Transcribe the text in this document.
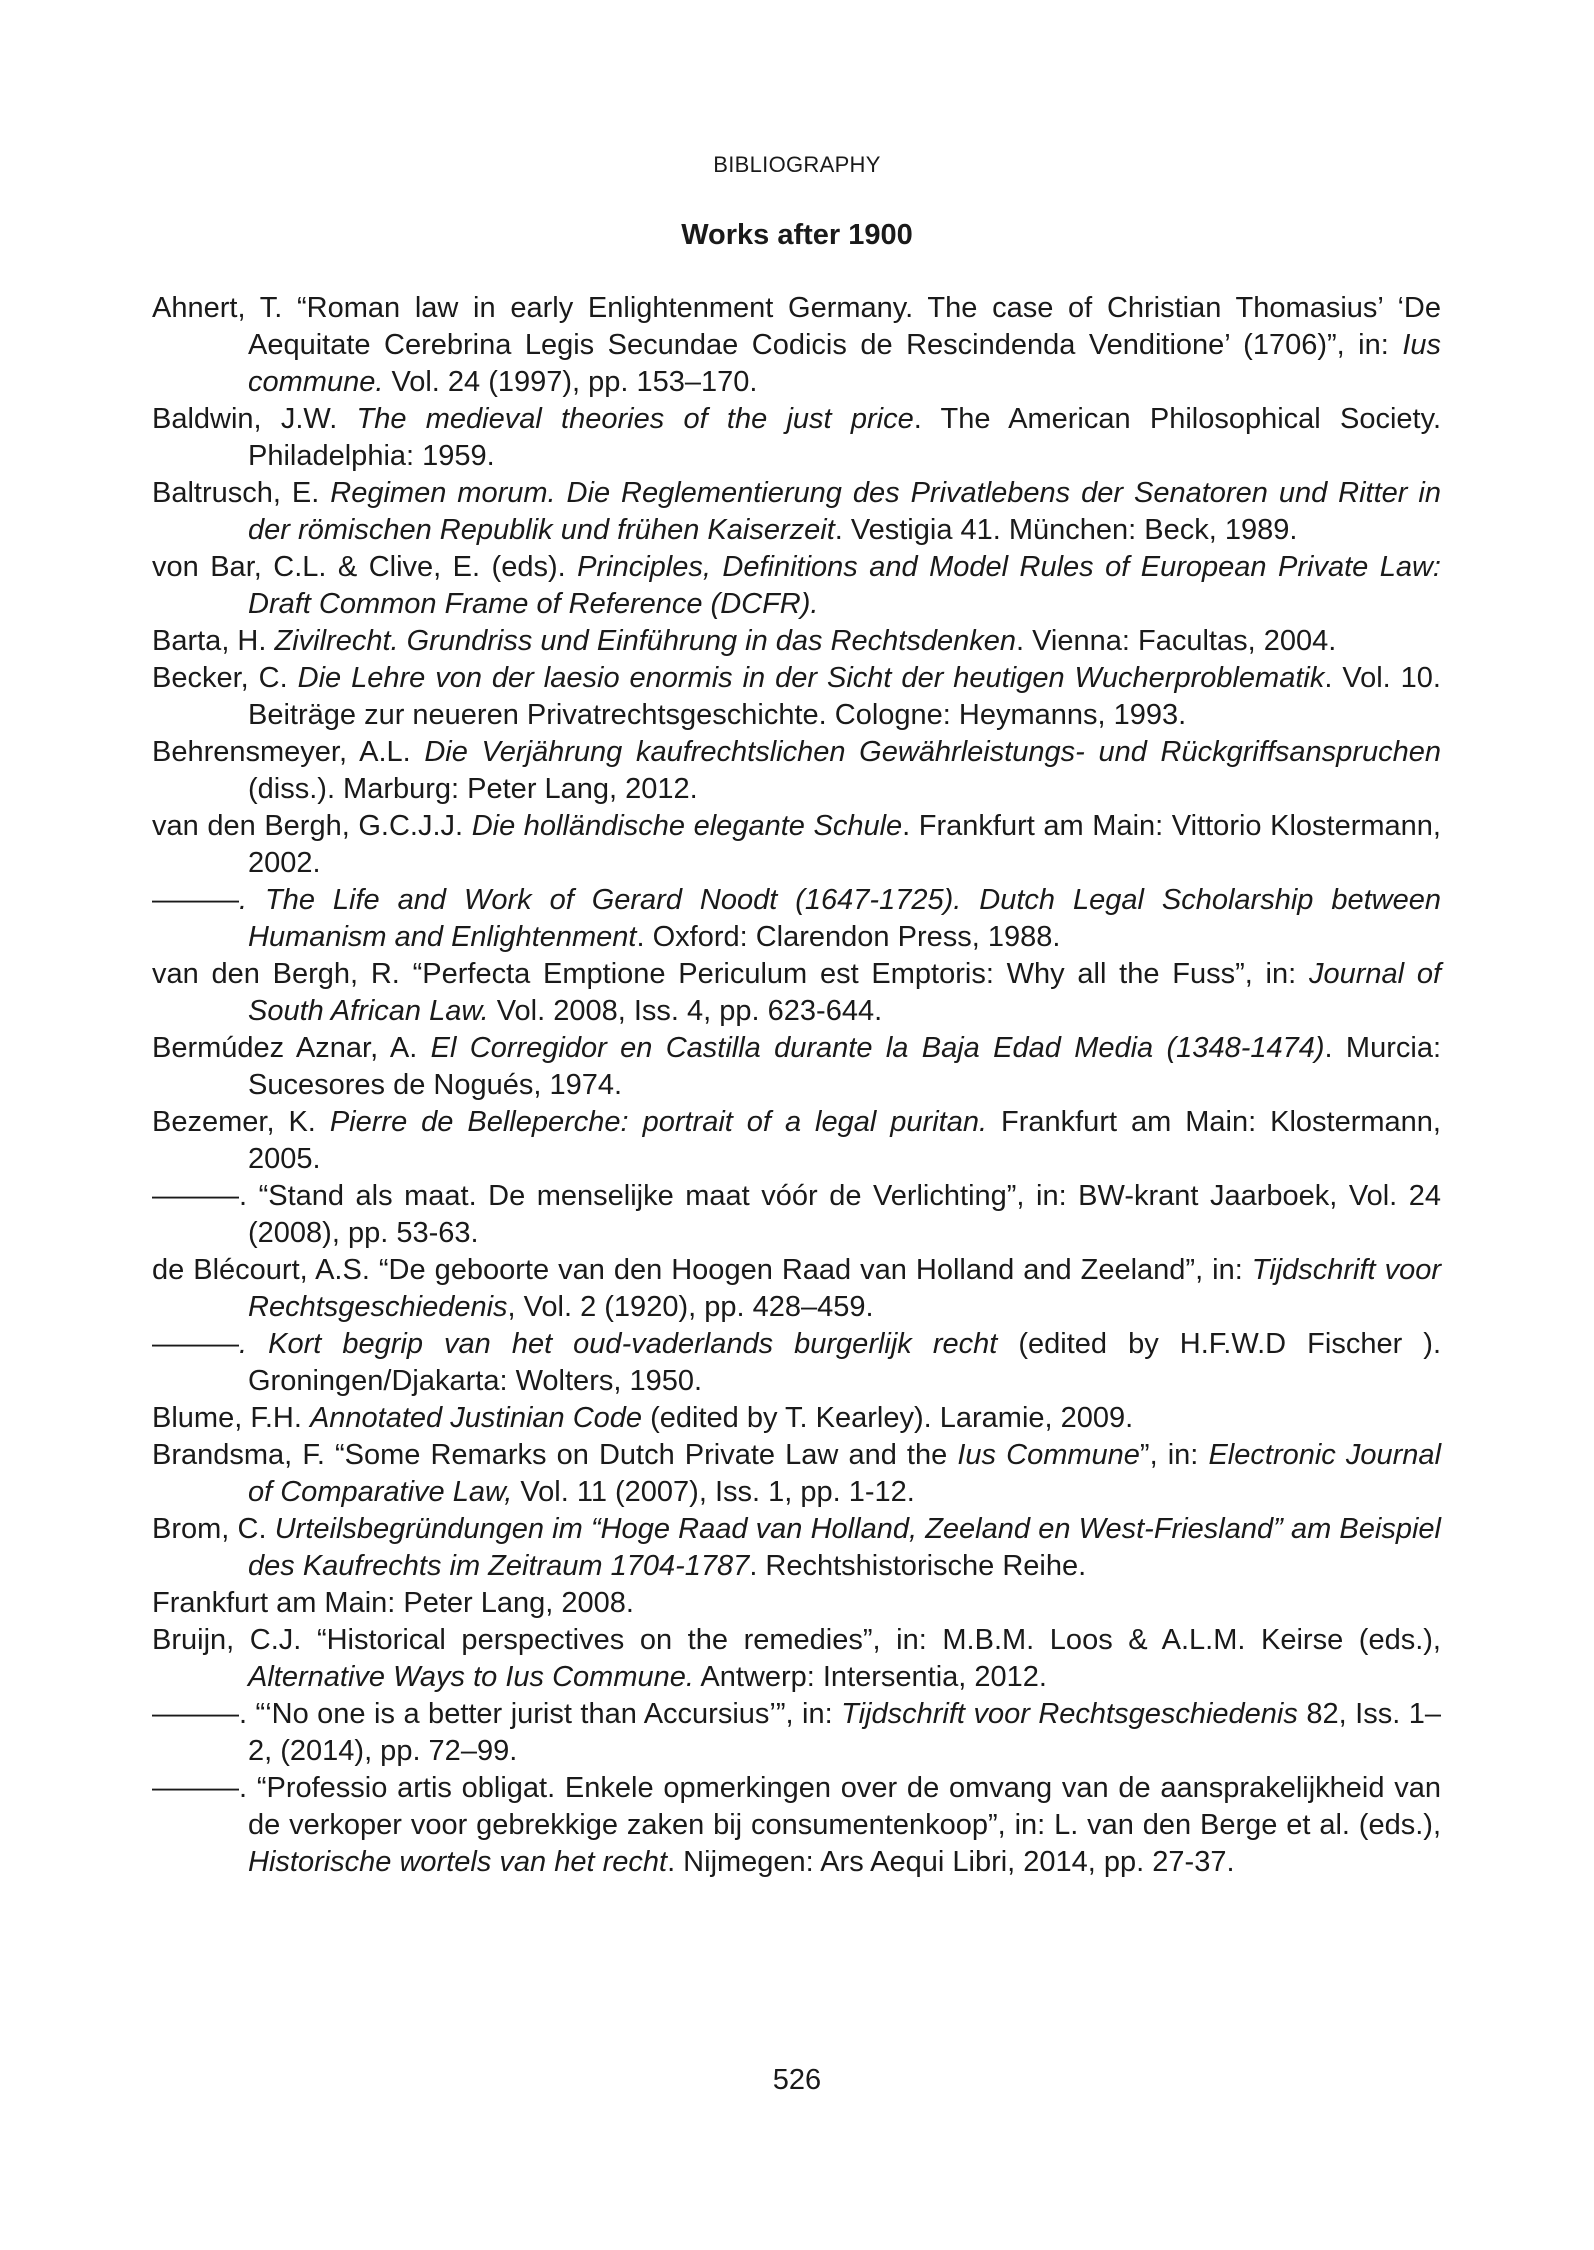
BIBLIOGRAPHY
Works after 1900
Ahnert, T. “Roman law in early Enlightenment Germany. The case of Christian Thomasius’ ‘De Aequitate Cerebrina Legis Secundae Codicis de Rescindenda Venditione’ (1706)”, in: Ius commune. Vol. 24 (1997), pp. 153–170.
Baldwin, J.W. The medieval theories of the just price. The American Philosophical Society. Philadelphia: 1959.
Baltrusch, E. Regimen morum. Die Reglementierung des Privatlebens der Senatoren und Ritter in der römischen Republik und frühen Kaiserzeit. Vestigia 41. München: Beck, 1989.
von Bar, C.L. & Clive, E. (eds). Principles, Definitions and Model Rules of European Private Law: Draft Common Frame of Reference (DCFR).
Barta, H. Zivilrecht. Grundriss und Einführung in das Rechtsdenken. Vienna: Facultas, 2004.
Becker, C. Die Lehre von der laesio enormis in der Sicht der heutigen Wucherproblematik. Vol. 10. Beiträge zur neueren Privatrechtsgeschichte. Cologne: Heymanns, 1993.
Behrensmeyer, A.L. Die Verjährung kaufrechtslichen Gewährleistungs- und Rückgriffsanspruchen (diss.). Marburg: Peter Lang, 2012.
van den Bergh, G.C.J.J. Die holländische elegante Schule. Frankfurt am Main: Vittorio Klostermann, 2002.
———. The Life and Work of Gerard Noodt (1647-1725). Dutch Legal Scholarship between Humanism and Enlightenment. Oxford: Clarendon Press, 1988.
van den Bergh, R. “Perfecta Emptione Periculum est Emptoris: Why all the Fuss”, in: Journal of South African Law. Vol. 2008, Iss. 4, pp. 623-644.
Bermúdez Aznar, A. El Corregidor en Castilla durante la Baja Edad Media (1348-1474). Murcia: Sucesores de Nogués, 1974.
Bezemer, K. Pierre de Belleperche: portrait of a legal puritan. Frankfurt am Main: Klostermann, 2005.
———. “Stand als maat. De menselijke maat vóór de Verlichting”, in: BW-krant Jaarboek, Vol. 24 (2008), pp. 53-63.
de Blécourt, A.S. “De geboorte van den Hoogen Raad van Holland and Zeeland”, in: Tijdschrift voor Rechtsgeschiedenis, Vol. 2 (1920), pp. 428–459.
———. Kort begrip van het oud-vaderlands burgerlijk recht (edited by H.F.W.D Fischer ). Groningen/Djakarta: Wolters, 1950.
Blume, F.H. Annotated Justinian Code (edited by T. Kearley). Laramie, 2009.
Brandsma, F. “Some Remarks on Dutch Private Law and the Ius Commune”, in: Electronic Journal of Comparative Law, Vol. 11 (2007), Iss. 1, pp. 1-12.
Brom, C. Urteilsbegründungen im “Hoge Raad van Holland, Zeeland en West-Friesland” am Beispiel des Kaufrechts im Zeitraum 1704-1787. Rechtshistorische Reihe.
Frankfurt am Main: Peter Lang, 2008.
Bruijn, C.J. “Historical perspectives on the remedies”, in: M.B.M. Loos & A.L.M. Keirse (eds.), Alternative Ways to Ius Commune. Antwerp: Intersentia, 2012.
———. “‘No one is a better jurist than Accursius’”, in: Tijdschrift voor Rechtsgeschiedenis 82, Iss. 1–2, (2014), pp. 72–99.
———. “Professio artis obligat. Enkele opmerkingen over de omvang van de aansprakelijkheid van de verkoper voor gebrekkige zaken bij consumentenkoop”, in: L. van den Berge et al. (eds.), Historische wortels van het recht. Nijmegen: Ars Aequi Libri, 2014, pp. 27-37.
526
